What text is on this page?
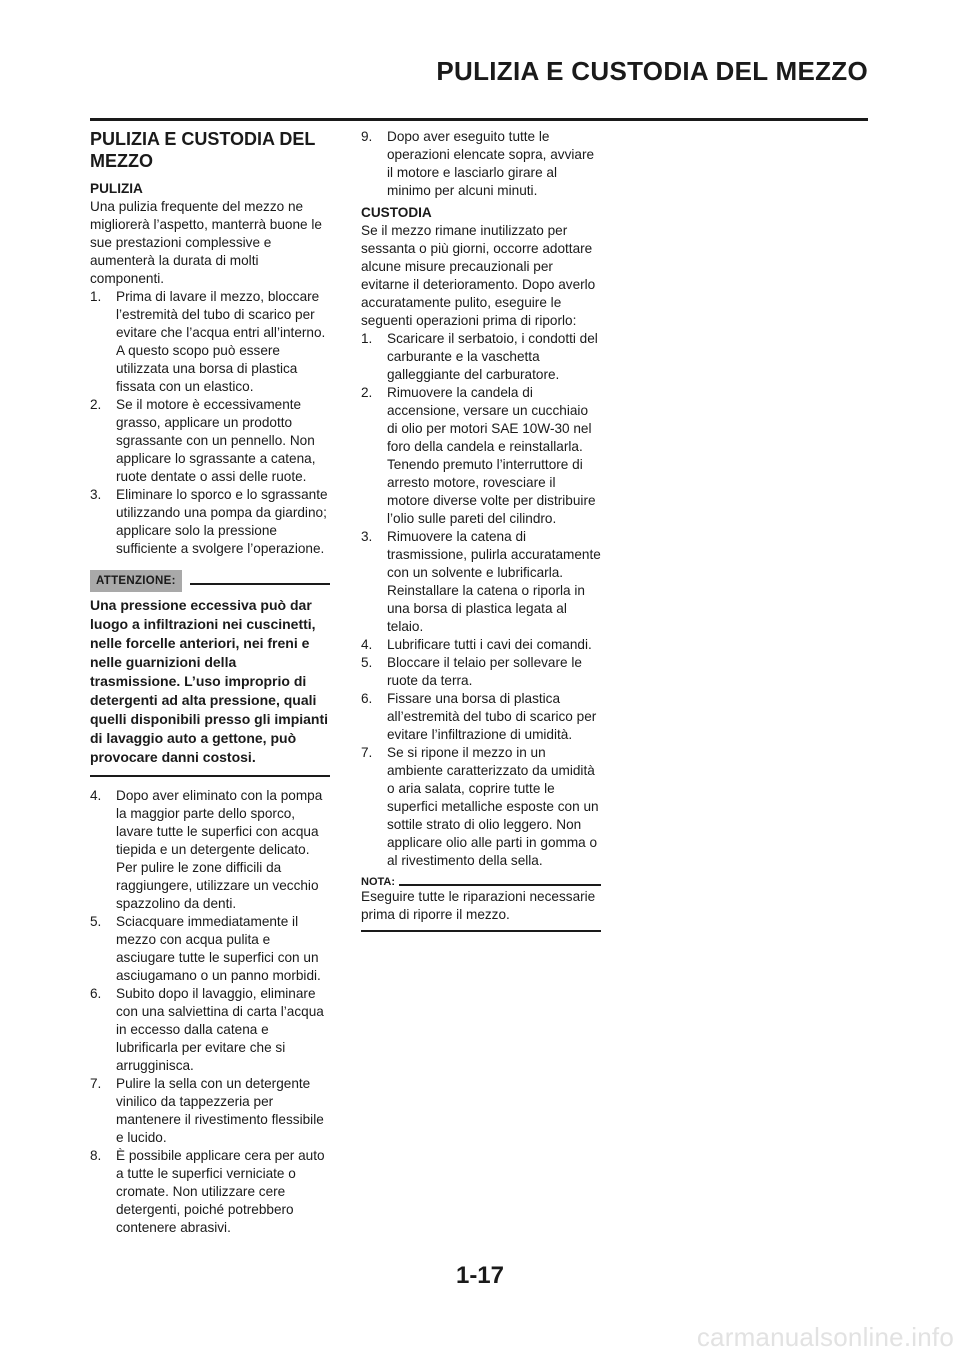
PULIZIA E CUSTODIA DEL MEZZO
PULIZIA E CUSTODIA DEL MEZZO
PULIZIA

Una pulizia frequente del mezzo ne migliorerà l’aspetto, manterrà buone le sue prestazioni complessive e aumenterà la durata di molti componenti.

1. Prima di lavare il mezzo, bloccare l’estremità del tubo di scarico per evitare che l’acqua entri all’interno. A questo scopo può essere utilizzata una borsa di plastica fissata con un elastico.
2. Se il motore è eccessivamente grasso, applicare un prodotto sgrassante con un pennello. Non applicare lo sgrassante a catena, ruote dentate o assi delle ruote.
3. Eliminare lo sporco e lo sgrassante utilizzando una pompa da giardino; applicare solo la pressione sufficiente a svolgere l’operazione.
ATTENZIONE:

Una pressione eccessiva può dar luogo a infiltrazioni nei cuscinetti, nelle forcelle anteriori, nei freni e nelle guarnizioni della trasmissione. L’uso improprio di detergenti ad alta pressione, quali quelli disponibili presso gli impianti di lavaggio auto a gettone, può provocare danni costosi.

4. Dopo aver eliminato con la pompa la maggior parte dello sporco, lavare tutte le superfici con acqua tiepida e un detergente delicato. Per pulire le zone difficili da raggiungere, utilizzare un vecchio spazzolino da denti.
5. Sciacquare immediatamente il mezzo con acqua pulita e asciugare tutte le superfici con un asciugamano o un panno morbidi.
6. Subito dopo il lavaggio, eliminare con una salviettina di carta l’acqua in eccesso dalla catena e lubrificarla per evitare che si arrugginisca.
7. Pulire la sella con un detergente vinilico da tappezzeria per mantenere il rivestimento flessibile e lucido.
8. È possibile applicare cera per auto a tutte le superfici verniciate o cromate. Non utilizzare cere detergenti, poiché potrebbero contenere abrasivi.
9. Dopo aver eseguito tutte le operazioni elencate sopra, avviare il motore e lasciarlo girare al minimo per alcuni minuti.
CUSTODIA

Se il mezzo rimane inutilizzato per sessanta o più giorni, occorre adottare alcune misure precauzionali per evitarne il deterioramento. Dopo averlo accuratamente pulito, eseguire le seguenti operazioni prima di riporlo:

1. Scaricare il serbatoio, i condotti del carburante e la vaschetta galleggiante del carburatore.
2. Rimuovere la candela di accensione, versare un cucchiaio di olio per motori SAE 10W-30 nel foro della candela e reinstallarla. Tenendo premuto l’interruttore di arresto motore, rovesciare il motore diverse volte per distribuire l’olio sulle pareti del cilindro.
3. Rimuovere la catena di trasmissione, pulirla accuratamente con un solvente e lubrificarla. Reinstallare la catena o riporla in una borsa di plastica legata al telaio.
4. Lubrificare tutti i cavi dei comandi.
5. Bloccare il telaio per sollevare le ruote da terra.
6. Fissare una borsa di plastica all’estremità del tubo di scarico per evitare l’infiltrazione di umidità.
7. Se si ripone il mezzo in un ambiente caratterizzato da umidità o aria salata, coprire tutte le superfici metalliche esposte con un sottile strato di olio leggero. Non applicare olio alle parti in gomma o al rivestimento della sella.
NOTA:

Eseguire tutte le riparazioni necessarie prima di riporre il mezzo.

1-17

carmanualsonline.info
